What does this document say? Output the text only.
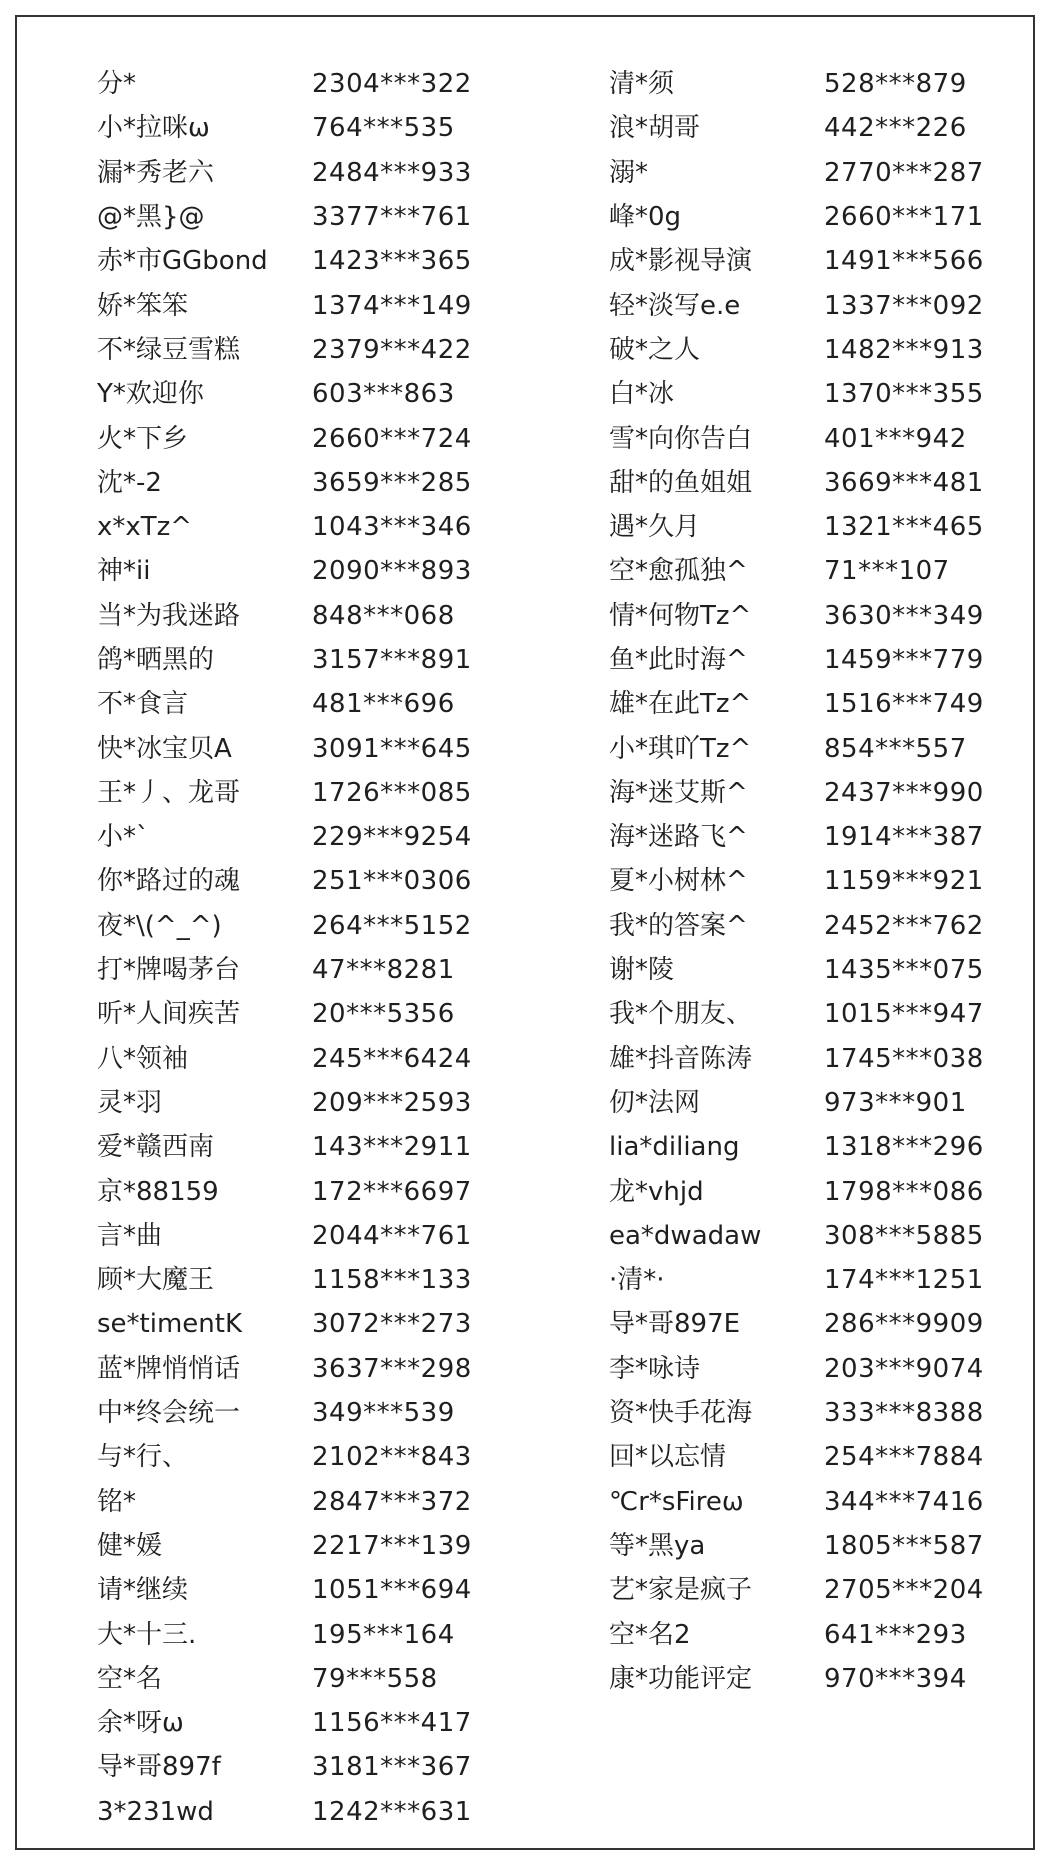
分*	2304***322
小*拉咪ω	764***535
漏*秀老六	2484***933
@*黑}@	3377***761
赤*市GGbond	1423***365
娇*笨笨	1374***149
不*绿豆雪糕	2379***422
Y*欢迎你	603***863
火*下乡	2660***724
沈*-2	3659***285
x*xTz^	1043***346
神*ii	2090***893
当*为我迷路	848***068
鸽*晒黑的	3157***891
不*食言	481***696
快*冰宝贝A	3091***645
王*丿、龙哥	1726***085
小*`	229***9254
你*路过的魂	251***0306
夜*\(^_^)	264***5152
打*牌喝茅台	47***8281
听*人间疾苦	20***5356
八*领袖	245***6424
灵*羽	209***2593
爱*赣西南	143***2911
京*88159	172***6697
言*曲	2044***761
顾*大魔王	1158***133
se*timentK	3072***273
蓝*牌悄悄话	3637***298
中*终会统一	349***539
与*行、	2102***843
铭*	2847***372
健*媛	2217***139
请*继续	1051***694
大*十三.	195***164
空*名	79***558
余*呀ω	1156***417
导*哥897f	3181***367
3*231wd	1242***631
清*须	528***879
浪*胡哥	442***226
溺*	2770***287
峰*0g	2660***171
成*影视导演	1491***566
轻*淡写e.e	1337***092
破*之人	1482***913
白*冰	1370***355
雪*向你告白	401***942
甜*的鱼姐姐	3669***481
遇*久月	1321***465
空*愈孤独^	71***107
情*何物Tz^	3630***349
鱼*此时海^	1459***779
雄*在此Tz^	1516***749
小*琪吖Tz^	854***557
海*迷艾斯^	2437***990
海*迷路飞^	1914***387
夏*小树林^	1159***921
我*的答案^	2452***762
谢*陵	1435***075
我*个朋友、	1015***947
雄*抖音陈涛	1745***038
仞*法网	973***901
lia*diliang	1318***296
龙*vhjd	1798***086
ea*dwadaw	308***5885
·清*·	174***1251
导*哥897E	286***9909
李*咏诗	203***9074
资*快手花海	333***8388
回*以忘情	254***7884
℃r*sFireω	344***7416
等*黑ya	1805***587
艺*家是疯子	2705***204
空*名2	641***293
康*功能评定	970***394
